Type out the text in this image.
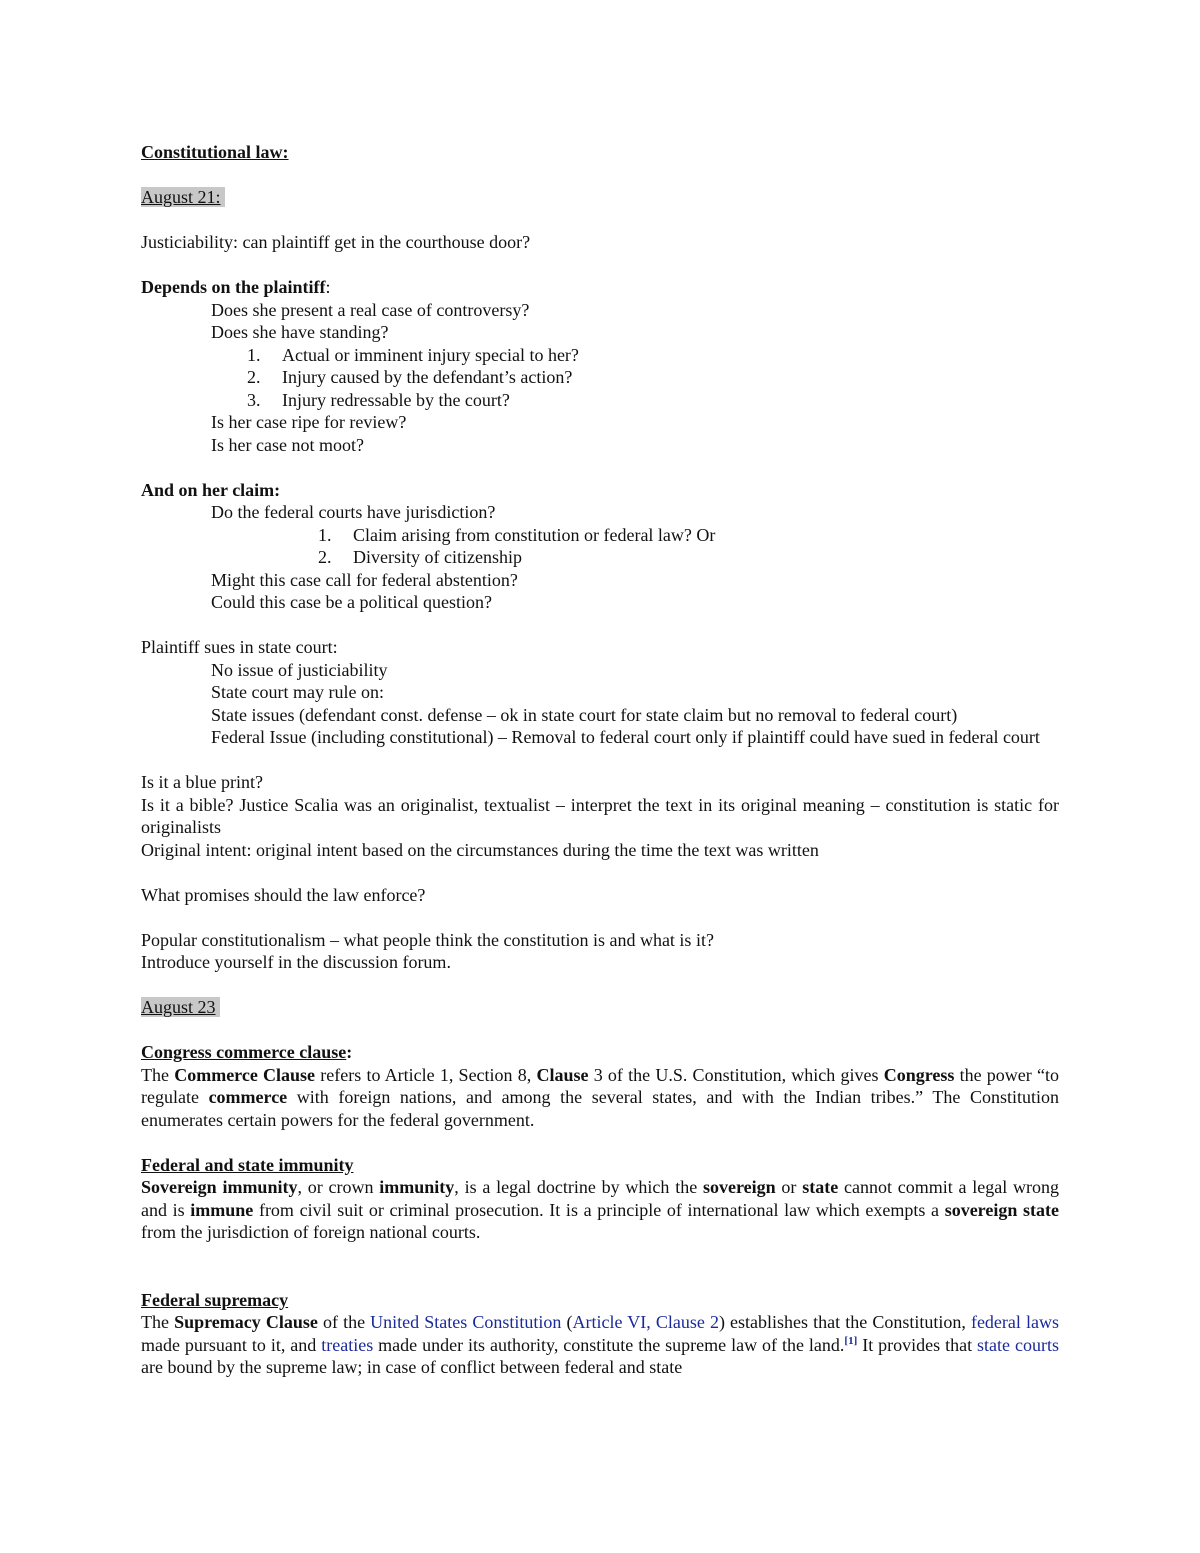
Constitutional law:
August 21:
Justiciability: can plaintiff get in the courthouse door?
Depends on the plaintiff:
Does she present a real case of controversy?
Does she have standing?
1.	Actual or imminent injury special to her?
2.	Injury caused by the defendant’s action?
3.	Injury redressable by the court?
Is her case ripe for review?
Is her case not moot?
And on her claim:
Do the federal courts have jurisdiction?
1.	Claim arising from constitution or federal law? Or
2.	Diversity of citizenship
Might this case call for federal abstention?
Could this case be a political question?
Plaintiff sues in state court:
No issue of justiciability
State court may rule on:
State issues (defendant const. defense – ok in state court for state claim but no removal to federal court)
Federal Issue (including constitutional) – Removal to federal court only if plaintiff could have sued in federal court
Is it a blue print?
Is it a bible? Justice Scalia was an originalist, textualist – interpret the text in its original meaning – constitution is static for originalists
Original intent: original intent based on the circumstances during the time the text was written
What promises should the law enforce?
Popular constitutionalism – what people think the constitution is and what is it?
Introduce yourself in the discussion forum.
August 23
Congress commerce clause:
The Commerce Clause refers to Article 1, Section 8, Clause 3 of the U.S. Constitution, which gives Congress the power “to regulate commerce with foreign nations, and among the several states, and with the Indian tribes.” The Constitution enumerates certain powers for the federal government.
Federal and state immunity
Sovereign immunity, or crown immunity, is a legal doctrine by which the sovereign or state cannot commit a legal wrong and is immune from civil suit or criminal prosecution. It is a principle of international law which exempts a sovereign state from the jurisdiction of foreign national courts.
Federal supremacy
The Supremacy Clause of the United States Constitution (Article VI, Clause 2) establishes that the Constitution, federal laws made pursuant to it, and treaties made under its authority, constitute the supreme law of the land.[1] It provides that state courts are bound by the supreme law; in case of conflict between federal and state
